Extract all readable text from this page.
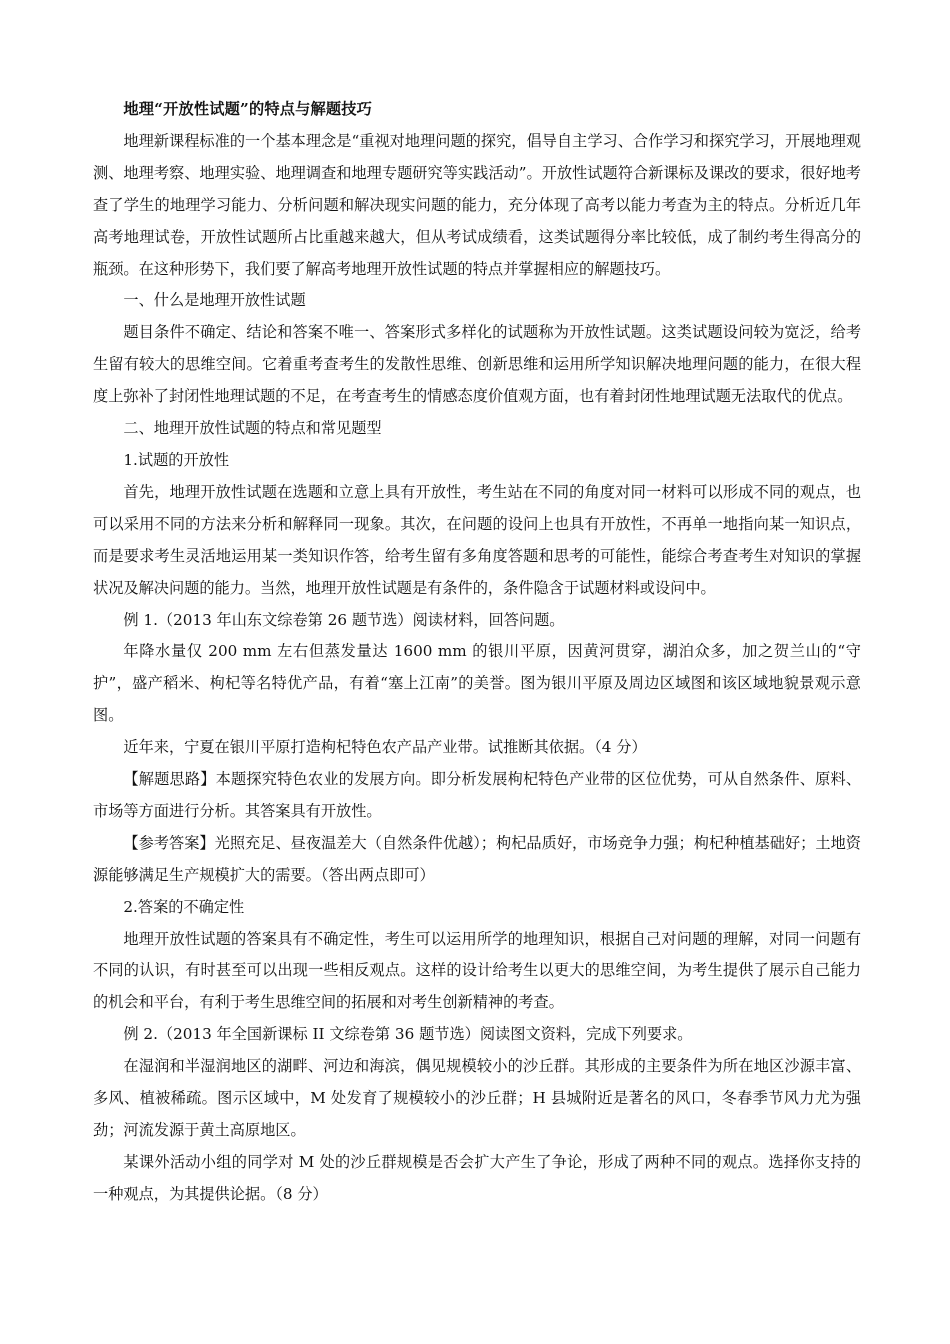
地理“开放性试题”的特点与解题技巧

地理新课程标准的一个基本理念是“重视对地理问题的探究，倡导自主学习、合作学习和探究学习，开展地理观测、地理考察、地理实验、地理调查和地理专题研究等实践活动”。开放性试题符合新课标及课改的要求，很好地考查了学生的地理学习能力、分析问题和解决现实问题的能力，充分体现了高考以能力考查为主的特点。分析近几年高考地理试卷，开放性试题所占比重越来越大，但从考试成绩看，这类试题得分率比较低，成了制约考生得高分的瓶颈。在这种形势下，我们要了解高考地理开放性试题的特点并掌握相应的解题技巧。

一、什么是地理开放性试题

题目条件不确定、结论和答案不唯一、答案形式多样化的试题称为开放性试题。这类试题设问较为宽泛，给考生留有较大的思维空间。它着重考查考生的发散性思维、创新思维和运用所学知识解决地理问题的能力，在很大程度上弥补了封闭性地理试题的不足，在考查考生的情感态度价值观方面，也有着封闭性地理试题无法取代的优点。

二、地理开放性试题的特点和常见题型

1.试题的开放性

首先，地理开放性试题在选题和立意上具有开放性，考生站在不同的角度对同一材料可以形成不同的观点，也可以采用不同的方法来分析和解释同一现象。其次，在问题的设问上也具有开放性，不再单一地指向某一知识点，而是要求考生灵活地运用某一类知识作答，给考生留有多角度答题和思考的可能性，能综合考查考生对知识的掌握状况及解决问题的能力。当然，地理开放性试题是有条件的，条件隐含于试题材料或设问中。

例 1.（2013 年山东文综卷第 26 题节选）阅读材料，回答问题。

年降水量仅 200 mm 左右但蒸发量达 1600 mm 的银川平原，因黄河贯穿，湖泊众多，加之贺兰山的“守护”，盛产稻米、枸杞等名特优产品，有着“塞上江南”的美誉。图为银川平原及周边区域图和该区域地貌景观示意图。

近年来，宁夏在银川平原打造枸杞特色农产品产业带。试推断其依据。（4 分）

【解题思路】本题探究特色农业的发展方向。即分析发展枸杞特色产业带的区位优势，可从自然条件、原料、市场等方面进行分析。其答案具有开放性。

【参考答案】光照充足、昼夜温差大（自然条件优越）；枸杞品质好，市场竞争力强；枸杞种植基础好；土地资源能够满足生产规模扩大的需要。（答出两点即可）

2.答案的不确定性

地理开放性试题的答案具有不确定性，考生可以运用所学的地理知识，根据自己对问题的理解，对同一问题有不同的认识，有时甚至可以出现一些相反观点。这样的设计给考生以更大的思维空间，为考生提供了展示自己能力的机会和平台，有利于考生思维空间的拓展和对考生创新精神的考查。

例 2.（2013 年全国新课标 II 文综卷第 36 题节选）阅读图文资料，完成下列要求。

在湿润和半湿润地区的湖畔、河边和海滨，偶见规模较小的沙丘群。其形成的主要条件为所在地区沙源丰富、多风、植被稀疏。图示区域中，M 处发育了规模较小的沙丘群；H 县城附近是著名的风口，冬春季节风力尤为强劲；河流发源于黄土高原地区。

某课外活动小组的同学对 M 处的沙丘群规模是否会扩大产生了争论，形成了两种不同的观点。选择你支持的一种观点，为其提供论据。（8 分）
